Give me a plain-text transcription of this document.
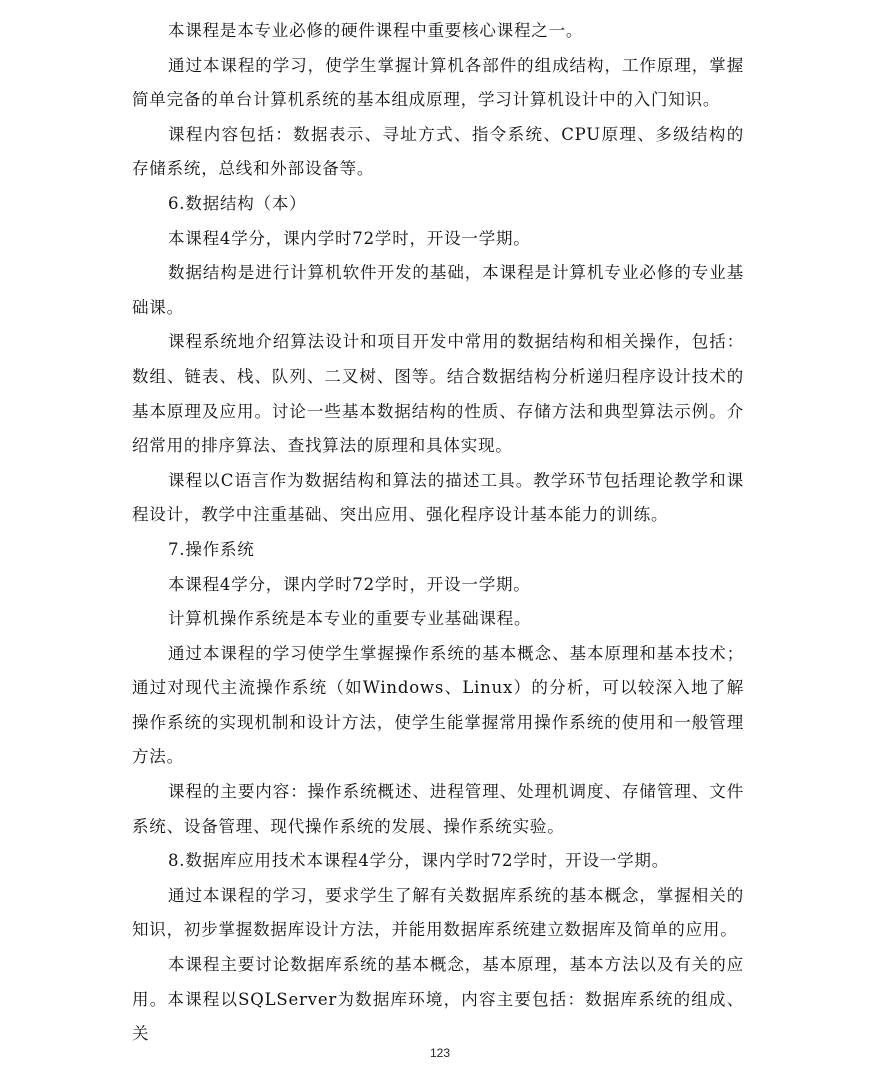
本课程是本专业必修的硬件课程中重要核心课程之一。

通过本课程的学习，使学生掌握计算机各部件的组成结构，工作原理，掌握简单完备的单台计算机系统的基本组成原理，学习计算机设计中的入门知识。

课程内容包括：数据表示、寻址方式、指令系统、CPU原理、多级结构的存储系统，总线和外部设备等。

6.数据结构（本）

本课程4学分，课内学时72学时，开设一学期。

数据结构是进行计算机软件开发的基础，本课程是计算机专业必修的专业基础课。

课程系统地介绍算法设计和项目开发中常用的数据结构和相关操作，包括：数组、链表、栈、队列、二叉树、图等。结合数据结构分析递归程序设计技术的基本原理及应用。讨论一些基本数据结构的性质、存储方法和典型算法示例。介绍常用的排序算法、查找算法的原理和具体实现。

课程以C语言作为数据结构和算法的描述工具。教学环节包括理论教学和课程设计，教学中注重基础、突出应用、强化程序设计基本能力的训练。

7.操作系统

本课程4学分，课内学时72学时，开设一学期。

计算机操作系统是本专业的重要专业基础课程。

通过本课程的学习使学生掌握操作系统的基本概念、基本原理和基本技术；通过对现代主流操作系统（如Windows、Linux）的分析，可以较深入地了解操作系统的实现机制和设计方法，使学生能掌握常用操作系统的使用和一般管理方法。

课程的主要内容：操作系统概述、进程管理、处理机调度、存储管理、文件系统、设备管理、现代操作系统的发展、操作系统实验。

8.数据库应用技术本课程4学分，课内学时72学时，开设一学期。

通过本课程的学习，要求学生了解有关数据库系统的基本概念，掌握相关的知识，初步掌握数据库设计方法，并能用数据库系统建立数据库及简单的应用。

本课程主要讨论数据库系统的基本概念，基本原理，基本方法以及有关的应用。本课程以SQLServer为数据库环境，内容主要包括：数据库系统的组成、关

123
